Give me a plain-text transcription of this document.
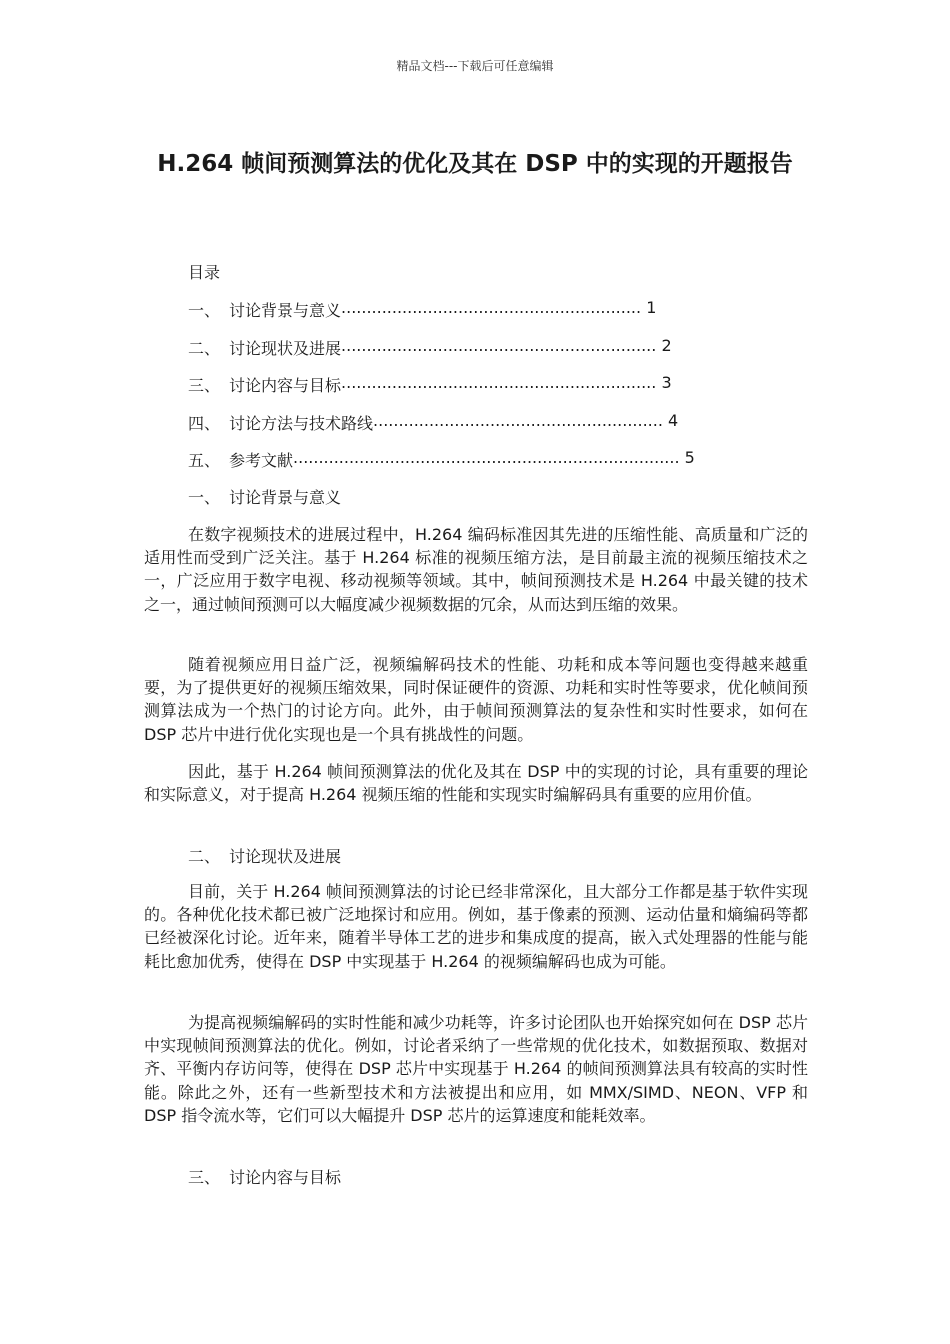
精品文档---下载后可任意编辑
H.264 帧间预测算法的优化及其在 DSP 中的实现的开题报告
目录
一、 讨论背景与意义 ........................................................... 1
二、 讨论现状及进展 .............................................................. 2
三、 讨论内容与目标 .............................................................. 3
四、 讨论方法与技术路线 ......................................................... 4
五、 参考文献 ............................................................................ 5
一、 讨论背景与意义

在数字视频技术的进展过程中，H.264 编码标准因其先进的压缩性能、高质量和广泛的适用性而受到广泛关注。基于 H.264 标准的视频压缩方法，是目前最主流的视频压缩技术之一，广泛应用于数字电视、移动视频等领域。其中，帧间预测技术是 H.264 中最关键的技术之一，通过帧间预测可以大幅度减少视频数据的冗余，从而达到压缩的效果。

随着视频应用日益广泛，视频编解码技术的性能、功耗和成本等问题也变得越来越重要，为了提供更好的视频压缩效果，同时保证硬件的资源、功耗和实时性等要求，优化帧间预测算法成为一个热门的讨论方向。此外，由于帧间预测算法的复杂性和实时性要求，如何在 DSP 芯片中进行优化实现也是一个具有挑战性的问题。

因此，基于 H.264 帧间预测算法的优化及其在 DSP 中的实现的讨论，具有重要的理论和实际意义，对于提高 H.264 视频压缩的性能和实现实时编解码具有重要的应用价值。

二、 讨论现状及进展

目前，关于 H.264 帧间预测算法的讨论已经非常深化，且大部分工作都是基于软件实现的。各种优化技术都已被广泛地探讨和应用。例如，基于像素的预测、运动估量和熵编码等都已经被深化讨论。近年来，随着半导体工艺的进步和集成度的提高，嵌入式处理器的性能与能耗比愈加优秀，使得在 DSP 中实现基于 H.264 的视频编解码也成为可能。

为提高视频编解码的实时性能和减少功耗等，许多讨论团队也开始探究如何在 DSP 芯片中实现帧间预测算法的优化。例如，讨论者采纳了一些常规的优化技术，如数据预取、数据对齐、平衡内存访问等，使得在 DSP 芯片中实现基于 H.264 的帧间预测算法具有较高的实时性能。除此之外，还有一些新型技术和方法被提出和应用，如 MMX/SIMD、NEON、VFP 和 DSP 指令流水等，它们可以大幅提升 DSP 芯片的运算速度和能耗效率。

三、 讨论内容与目标
